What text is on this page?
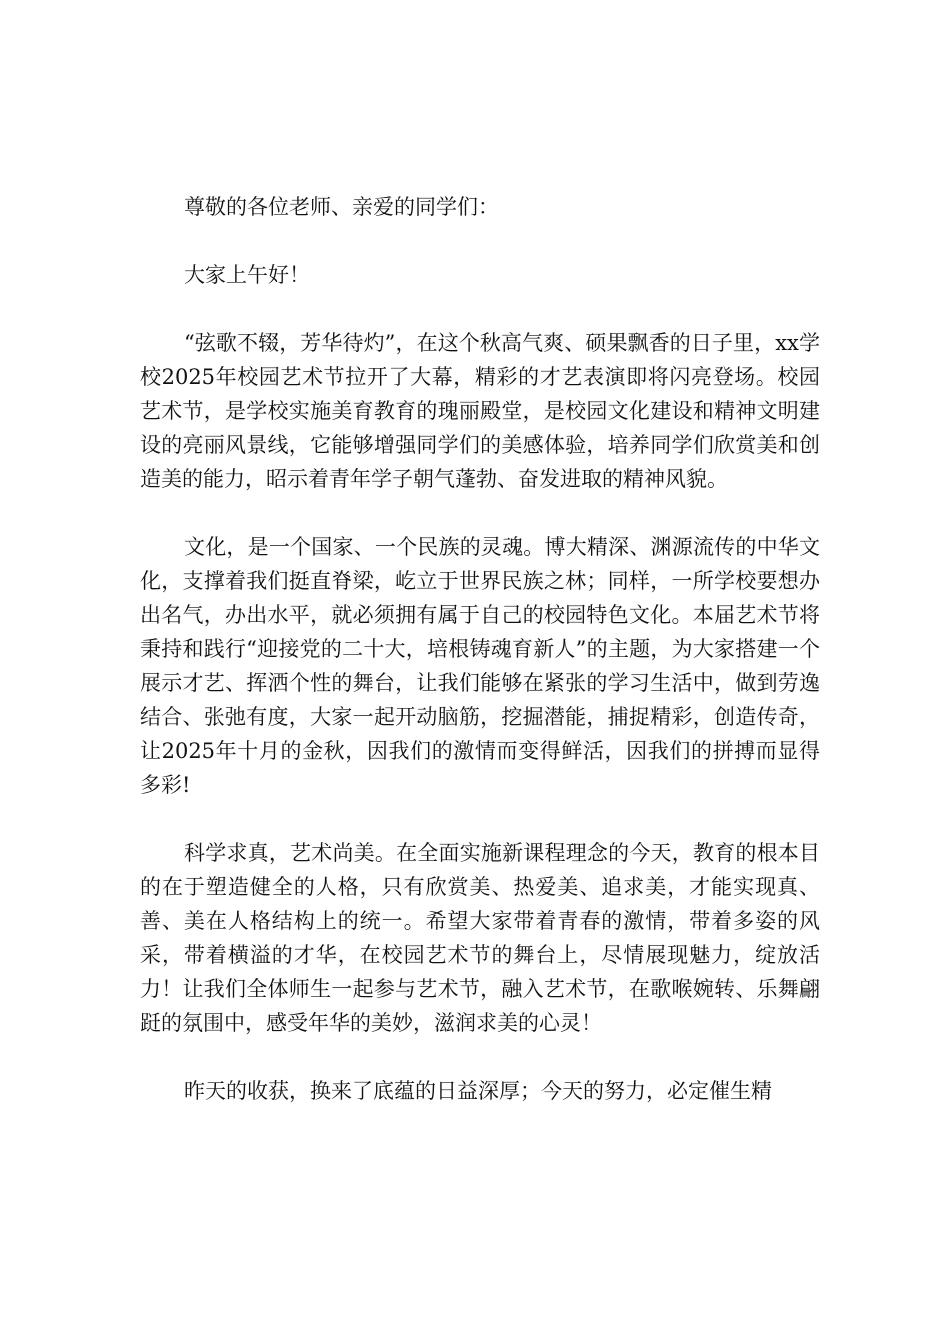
尊敬的各位老师、亲爱的同学们：

大家上午好！

“弦歌不辍，芳华待灼”，在这个秋高气爽、硕果飘香的日子里，xx学校2025年校园艺术节拉开了大幕，精彩的才艺表演即将闪亮登场。校园艺术节，是学校实施美育教育的瑰丽殿堂，是校园文化建设和精神文明建设的亮丽风景线，它能够增强同学们的美感体验，培养同学们欣赏美和创造美的能力，昭示着青年学子朝气蓬勃、奋发进取的精神风貌。

文化，是一个国家、一个民族的灵魂。博大精深、渊源流传的中华文化，支撑着我们挺直脊梁，屹立于世界民族之林；同样，一所学校要想办出名气，办出水平，就必须拥有属于自己的校园特色文化。本届艺术节将秉持和践行“迎接党的二十大，培根铸魂育新人”的主题，为大家搭建一个展示才艺、挥洒个性的舞台，让我们能够在紧张的学习生活中，做到劳逸结合、张弛有度，大家一起开动脑筋，挖掘潜能，捕捉精彩，创造传奇，让2025年十月的金秋，因我们的激情而变得鲜活，因我们的拼搏而显得多彩!

科学求真，艺术尚美。在全面实施新课程理念的今天，教育的根本目的在于塑造健全的人格，只有欣赏美、热爱美、追求美，才能实现真、善、美在人格结构上的统一。希望大家带着青春的激情，带着多姿的风采，带着横溢的才华，在校园艺术节的舞台上，尽情展现魅力，绽放活力！让我们全体师生一起参与艺术节，融入艺术节，在歌喉婉转、乐舞翩跹的氛围中，感受年华的美妙，滋润求美的心灵！

昨天的收获，换来了底蕴的日益深厚；今天的努力，必定催生精
